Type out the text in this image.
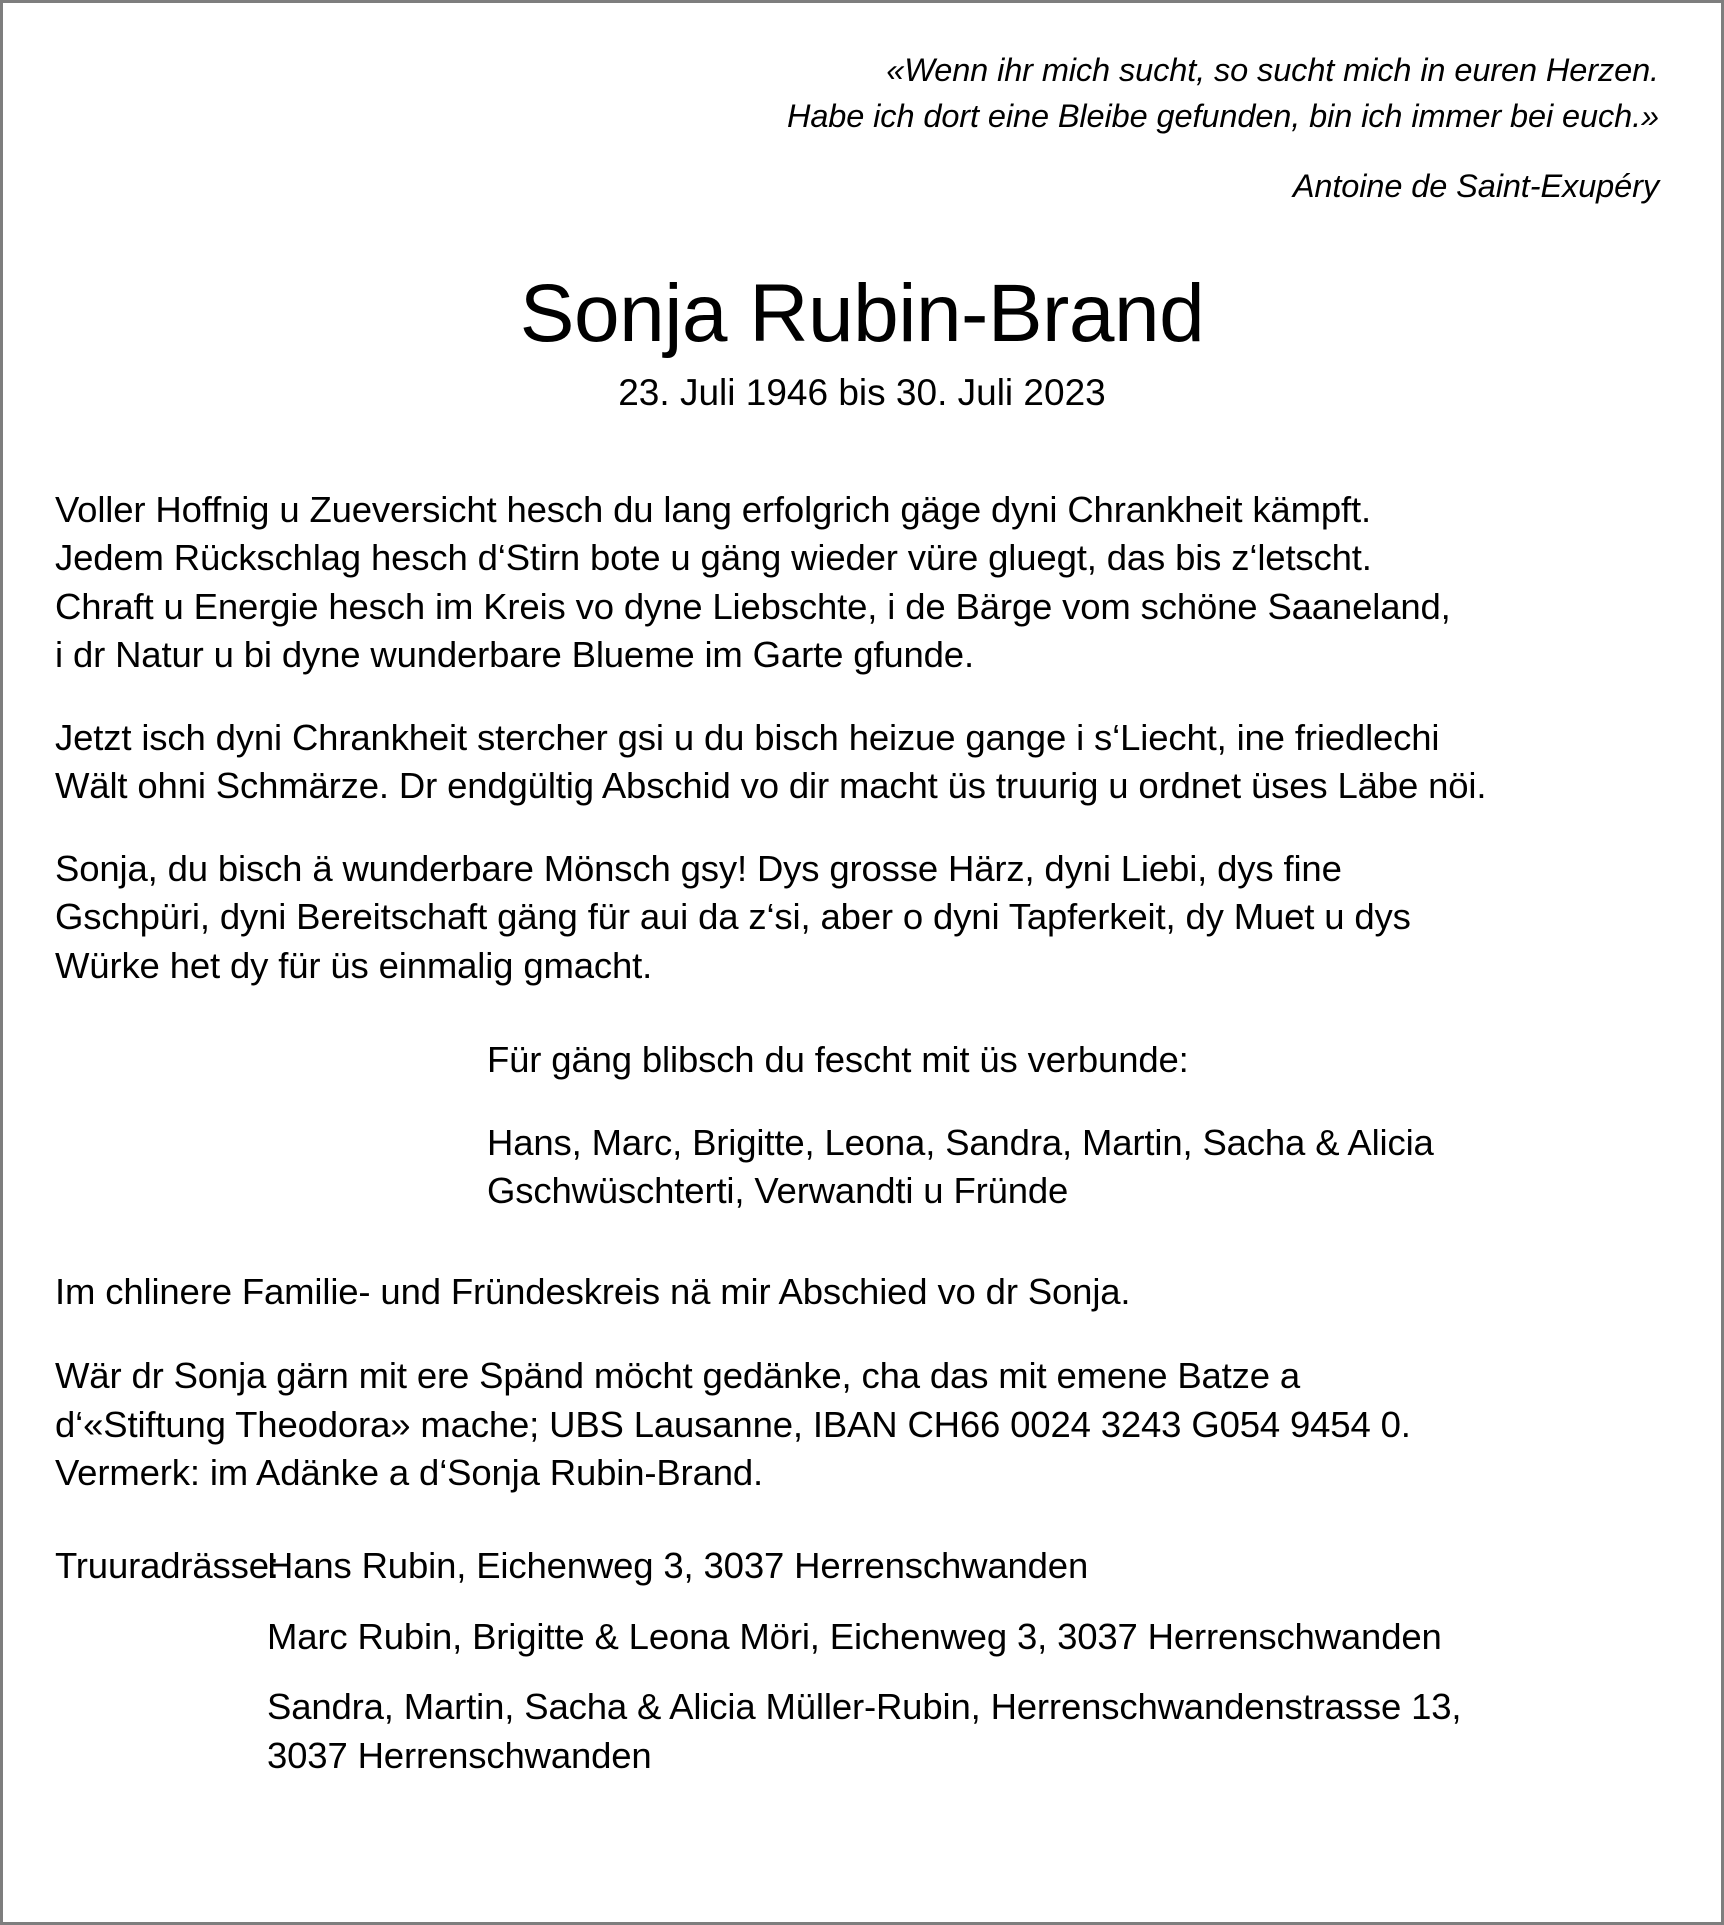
«Wenn ihr mich sucht, so sucht mich in euren Herzen.
Habe ich dort eine Bleibe gefunden, bin ich immer bei euch.»
Antoine de Saint-Exupéry
Sonja Rubin-Brand
23. Juli 1946 bis 30. Juli 2023

Voller Hoffnig u Zueversicht hesch du lang erfolgrich gäge dyni Chrankheit kämpft.
Jedem Rückschlag hesch d‘Stirn bote u gäng wieder vüre gluegt, das bis z‘letscht.
Chraft u Energie hesch im Kreis vo dyne Liebschte, i de Bärge vom schöne Saaneland,
i dr Natur u bi dyne wunderbare Blueme im Garte gfunde.

Jetzt isch dyni Chrankheit stercher gsi u du bisch heizue gange i s‘Liecht, ine friedlechi
Wält ohni Schmärze. Dr endgültig Abschid vo dir macht üs truurig u ordnet üses Läbe nöi.

Sonja, du bisch ä wunderbare Mönsch gsy! Dys grosse Härz, dyni Liebi, dys fine
Gschpüri, dyni Bereitschaft gäng für aui da z‘si, aber o dyni Tapferkeit, dy Muet u dys
Würke het dy für üs einmalig gmacht.

Für gäng blibsch du fescht mit üs verbunde:
Hans, Marc, Brigitte, Leona, Sandra, Martin, Sacha & Alicia
Gschwüschterti, Verwandti u Fründe

Im chlinere Familie- und Fründeskreis nä mir Abschied vo dr Sonja.

Wär dr Sonja gärn mit ere Spänd möcht gedänke, cha das mit emene Batze a
d‘«Stiftung Theodora» mache; UBS Lausanne, IBAN CH66 0024 3243 G054 9454 0.
Vermerk: im Adänke a d‘Sonja Rubin-Brand.

Truuradrässe:
Hans Rubin, Eichenweg 3, 3037 Herrenschwanden
Marc Rubin, Brigitte & Leona Möri, Eichenweg 3, 3037 Herrenschwanden
Sandra, Martin, Sacha & Alicia Müller-Rubin, Herrenschwandenstrasse 13,
3037 Herrenschwanden
